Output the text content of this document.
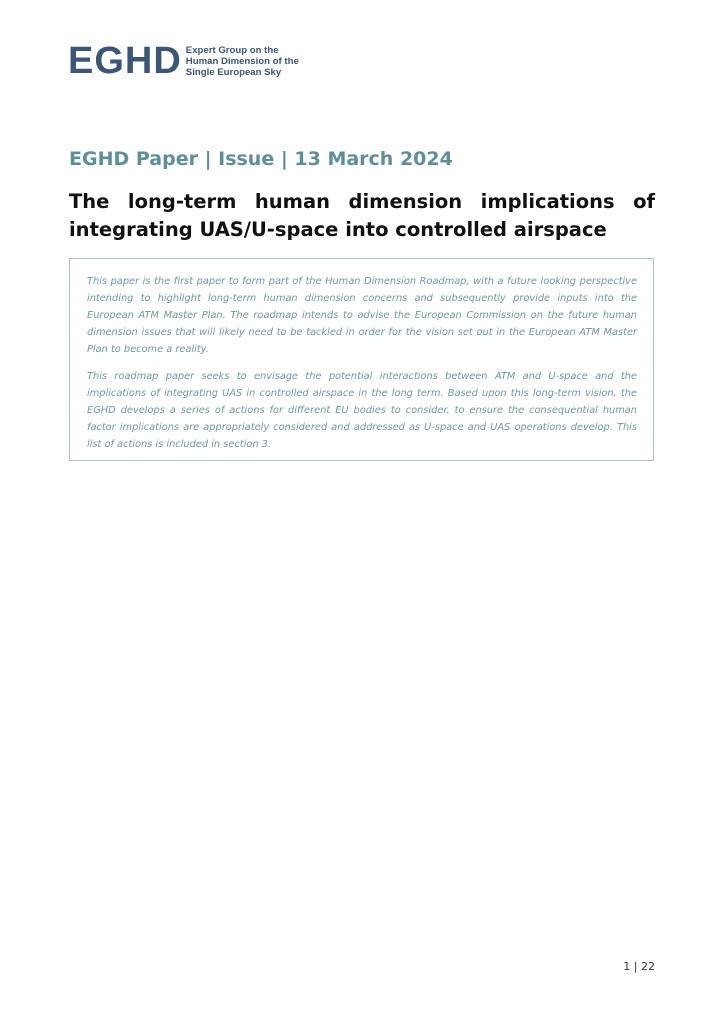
EGHD Expert Group on the
Human Dimension of the
Single European Sky
EGHD Paper | Issue | 13 March 2024
The long-term human dimension implications of integrating UAS/U-space into controlled airspace

This paper is the first paper to form part of the Human Dimension Roadmap, with a future looking perspective intending to highlight long-term human dimension concerns and subsequently provide inputs into the European ATM Master Plan. The roadmap intends to advise the European Commission on the future human dimension issues that will likely need to be tackled in order for the vision set out in the European ATM Master Plan to become a reality.

This roadmap paper seeks to envisage the potential interactions between ATM and U-space and the implications of integrating UAS in controlled airspace in the long term. Based upon this long-term vision, the EGHD develops a series of actions for different EU bodies to consider, to ensure the consequential human factor implications are appropriately considered and addressed as U-space and UAS operations develop. This list of actions is included in section 3.

1 | 22
